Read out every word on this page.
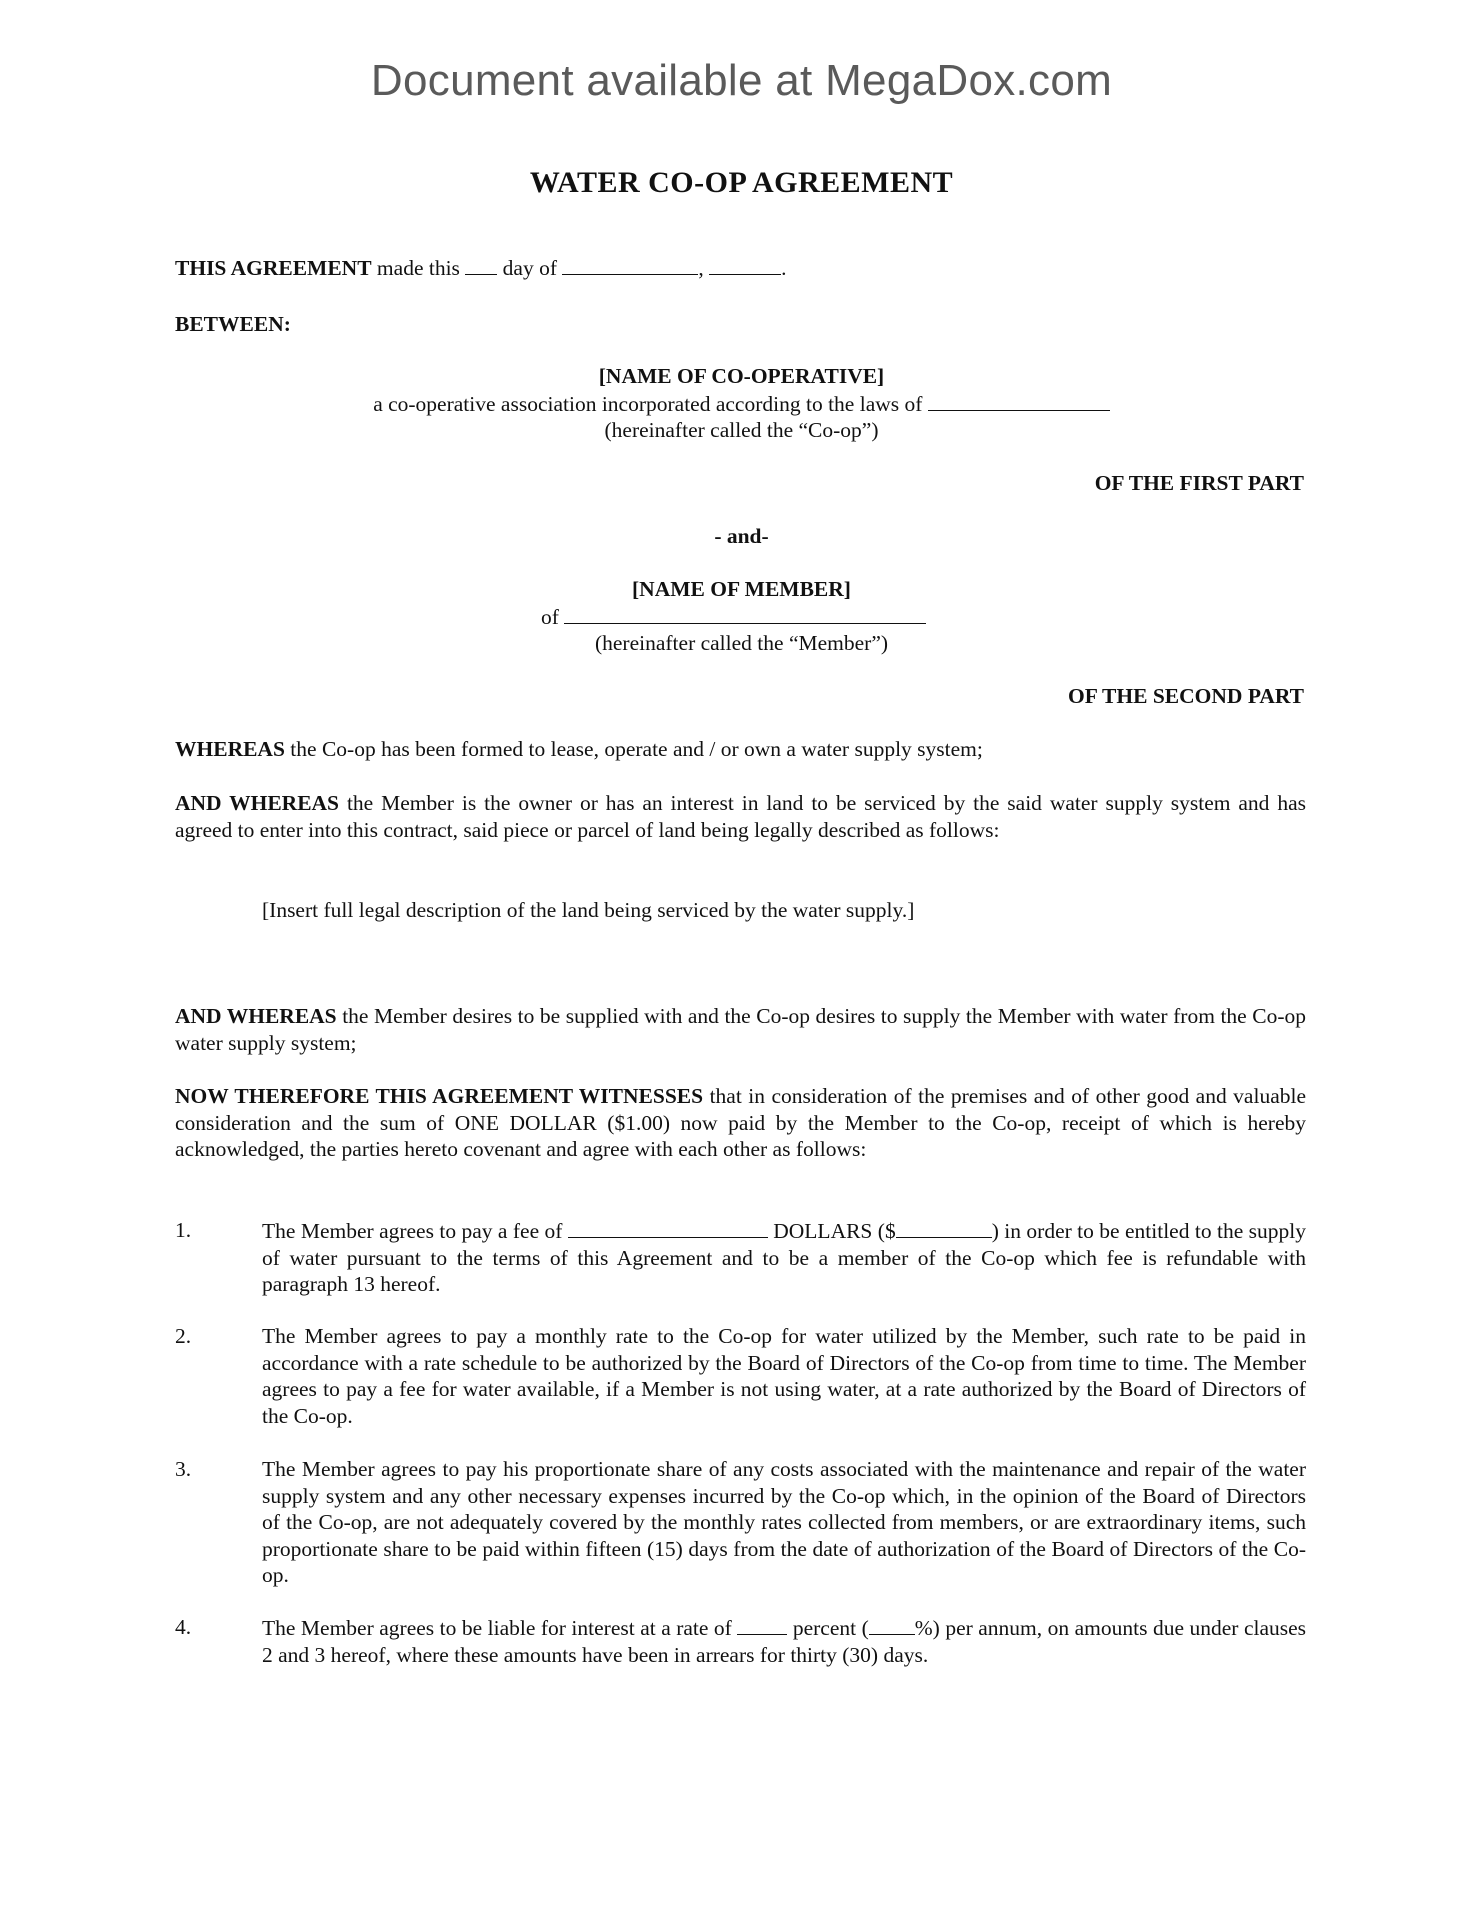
Document available at MegaDox.com
WATER CO-OP AGREEMENT
THIS AGREEMENT made this day of	,	.
BETWEEN:
[NAME OF CO-OPERATIVE]
a co-operative association incorporated according to the laws of
(hereinafter called the “Co-op”)
OF THE FIRST PART
- and-
[NAME OF MEMBER]
of
(hereinafter called the “Member”)
OF THE SECOND PART
WHEREAS the Co-op has been formed to lease, operate and / or own a water supply system;
AND WHEREAS the Member is the owner or has an interest in land to be serviced by the said water supply system and has agreed to enter into this contract, said piece or parcel of land being legally described as follows:
[Insert full legal description of the land being serviced by the water supply.]
AND WHEREAS the Member desires to be supplied with and the Co-op desires to supply the Member with water from the Co-op water supply system;
NOW THEREFORE THIS AGREEMENT WITNESSES that in consideration of the premises and of other good and valuable consideration and the sum of ONE DOLLAR ($1.00) now paid by the Member to the Co-op, receipt of which is hereby acknowledged, the parties hereto covenant and agree with each other as follows:
1.	The Member agrees to pay a fee of	DOLLARS ($	) in order to be entitled to the supply of water pursuant to the terms of this Agreement and to be a member of the Co-op which fee is refundable with paragraph 13 hereof.
2.	The Member agrees to pay a monthly rate to the Co-op for water utilized by the Member, such rate to be paid in accordance with a rate schedule to be authorized by the Board of Directors of the Co-op from time to time. The Member agrees to pay a fee for water available, if a Member is not using water, at a rate authorized by the Board of Directors of the Co-op.
3.	The Member agrees to pay his proportionate share of any costs associated with the maintenance and repair of the water supply system and any other necessary expenses incurred by the Co-op which, in the opinion of the Board of Directors of the Co-op, are not adequately covered by the monthly rates collected from members, or are extraordinary items, such proportionate share to be paid within fifteen (15) days from the date of authorization of the Board of Directors of the Co-op.
4.	The Member agrees to be liable for interest at a rate of	percent ( %) per annum, on amounts due under clauses 2 and 3 hereof, where these amounts have been in arrears for thirty (30) days.
